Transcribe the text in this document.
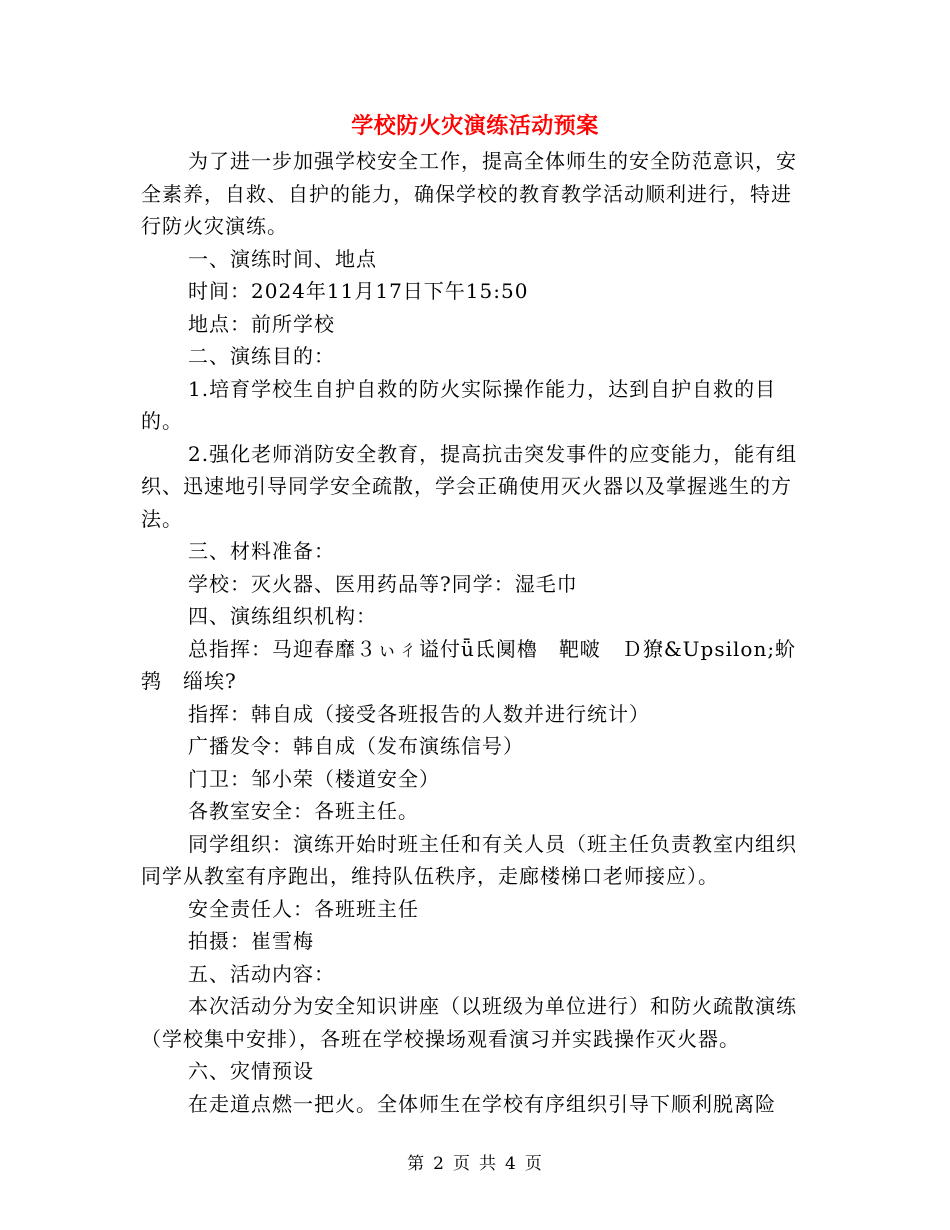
学校防火灾演练活动预案

为了进一步加强学校安全工作，提高全体师生的安全防范意识，安全素养，自救、自护的能力，确保学校的教育教学活动顺利进行，特进行防火灾演练。

一、演练时间、地点

时间：2024年11月17日下午15:50

地点：前所学校

二、演练目的：

1.培育学校生自护自救的防火实际操作能力，达到自护自救的目的。

2.强化老师消防安全教育，提高抗击突发事件的应变能力，能有组织、迅速地引导同学安全疏散，学会正确使用灭火器以及掌握逃生的方法。

三、材料准备：

学校：灭火器、医用药品等?同学：湿毛巾

四、演练组织机构：

总指挥：马迎春靡３ぃㄔ谥付ǖ氐阒櫓　靶啵　Ｄ獠&Upsilon;蚧鹁　缁埃?

指挥：韩自成（接受各班报告的人数并进行统计）

广播发令：韩自成（发布演练信号）

门卫：邹小荣（楼道安全）

各教室安全：各班主任。

同学组织：演练开始时班主任和有关人员（班主任负责教室内组织同学从教室有序跑出，维持队伍秩序，走廊楼梯口老师接应）。

安全责任人：各班班主任

拍摄：崔雪梅

五、活动内容：

本次活动分为安全知识讲座（以班级为单位进行）和防火疏散演练（学校集中安排），各班在学校操场观看演习并实践操作灭火器。

六、灾情预设

在走道点燃一把火。全体师生在学校有序组织引导下顺利脱离险

第 2 页 共 4 页
